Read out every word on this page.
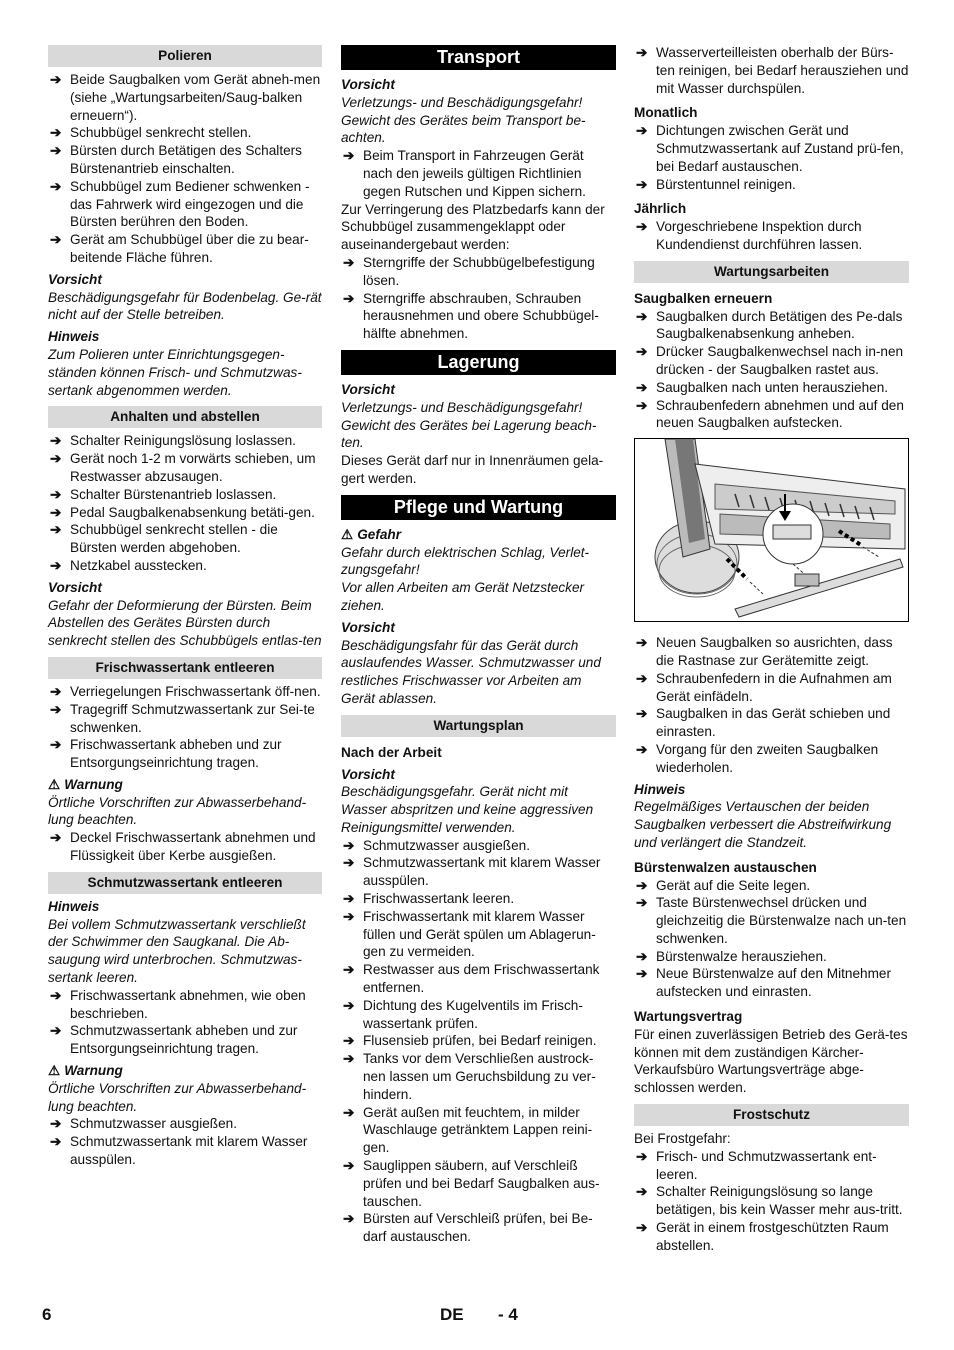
Polieren
➔ Beide Saugbalken vom Gerät abneh-men (siehe „Wartungsarbeiten/Saug-balken erneuern“).
➔ Schubbügel senkrecht stellen.
➔ Bürsten durch Betätigen des Schalters Bürstenantrieb einschalten.
➔ Schubbügel zum Bediener schwenken - das Fahrwerk wird eingezogen und die Bürsten berühren den Boden.
➔ Gerät am Schubbügel über die zu bear-beitende Fläche führen.
Vorsicht
Beschädigungsgefahr für Bodenbelag. Ge-rät nicht auf der Stelle betreiben.
Hinweis
Zum Polieren unter Einrichtungsgegen-ständen können Frisch- und Schmutzwas-sertank abgenommen werden.
Anhalten und abstellen
➔ Schalter Reinigungslösung loslassen.
➔ Gerät noch 1-2 m vorwärts schieben, um Restwasser abzusaugen.
➔ Schalter Bürstenantrieb loslassen.
➔ Pedal Saugbalkenabsenkung betäti-gen.
➔ Schubbügel senkrecht stellen - die Bürsten werden abgehoben.
➔ Netzkabel ausstecken.
Vorsicht
Gefahr der Deformierung der Bürsten. Beim Abstellen des Gerätes Bürsten durch senkrecht stellen des Schubbügels entlas-ten
Frischwassertank entleeren
➔ Verriegelungen Frischwassertank öff-nen.
➔ Tragegriff Schmutzwassertank zur Sei-te schwenken.
➔ Frischwassertank abheben und zur Entsorgungseinrichtung tragen.
⚠ Warnung
Örtliche Vorschriften zur Abwasserbehand-lung beachten.
➔ Deckel Frischwassertank abnehmen und Flüssigkeit über Kerbe ausgießen.
Schmutzwassertank entleeren
Hinweis
Bei vollem Schmutzwassertank verschließt der Schwimmer den Saugkanal. Die Ab-saugung wird unterbrochen. Schmutzwas-sertank leeren.
➔ Frischwassertank abnehmen, wie oben beschrieben.
➔ Schmutzwassertank abheben und zur Entsorgungseinrichtung tragen.
⚠ Warnung
Örtliche Vorschriften zur Abwasserbehand-lung beachten.
➔ Schmutzwasser ausgießen.
➔ Schmutzwassertank mit klarem Wasser ausspülen.
Transport
Vorsicht
Verletzungs- und Beschädigungsgefahr! Gewicht des Gerätes beim Transport be-achten.
➔ Beim Transport in Fahrzeugen Gerät nach den jeweils gültigen Richtlinien gegen Rutschen und Kippen sichern.
Zur Verringerung des Platzbedarfs kann der Schubbügel zusammengeklappt oder auseinandergebaut werden:
➔ Sterngriffe der Schubbügelbefestigung lösen.
➔ Sterngriffe abschrauben, Schrauben herausnehmen und obere Schubbügel-hälfte abnehmen.
Lagerung
Vorsicht
Verletzungs- und Beschädigungsgefahr! Gewicht des Gerätes bei Lagerung beach-ten.
Dieses Gerät darf nur in Innenräumen gela-gert werden.
Pflege und Wartung
⚠ Gefahr
Gefahr durch elektrischen Schlag, Verlet-zungsgefahr!
Vor allen Arbeiten am Gerät Netzstecker ziehen.
Vorsicht
Beschädigungsfahr für das Gerät durch auslaufendes Wasser. Schmutzwasser und restliches Frischwasser vor Arbeiten am Gerät ablassen.
Wartungsplan
Nach der Arbeit
Vorsicht
Beschädigungsgefahr. Gerät nicht mit Wasser abspritzen und keine aggressiven Reinigungsmittel verwenden.
➔ Schmutzwasser ausgießen.
➔ Schmutzwassertank mit klarem Wasser ausspülen.
➔ Frischwassertank leeren.
➔ Frischwassertank mit klarem Wasser füllen und Gerät spülen um Ablagerun-gen zu vermeiden.
➔ Restwasser aus dem Frischwassertank entfernen.
➔ Dichtung des Kugelventils im Frisch-wassertank prüfen.
➔ Flusensieb prüfen, bei Bedarf reinigen.
➔ Tanks vor dem Verschließen austrock-nen lassen um Geruchsbildung zu ver-hindern.
➔ Gerät außen mit feuchtem, in milder Waschlauge getränktem Lappen reini-gen.
➔ Sauglippen säubern, auf Verschleiß prüfen und bei Bedarf Saugbalken aus-tauschen.
➔ Bürsten auf Verschleiß prüfen, bei Be-darf austauschen.
➔ Wasserverteilleisten oberhalb der Bürs-ten reinigen, bei Bedarf herausziehen und mit Wasser durchspülen.
Monatlich
➔ Dichtungen zwischen Gerät und Schmutzwassertank auf Zustand prü-fen, bei Bedarf austauschen.
➔ Bürstentunnel reinigen.
Jährlich
➔ Vorgeschriebene Inspektion durch Kundendienst durchführen lassen.
Wartungsarbeiten
Saugbalken erneuern
➔ Saugbalken durch Betätigen des Pe-dals Saugbalkenabsenkung anheben.
➔ Drücker Saugbalkenwechsel nach in-nen drücken - der Saugbalken rastet aus.
➔ Saugbalken nach unten herausziehen.
➔ Schraubenfedern abnehmen und auf den neuen Saugbalken aufstecken.
➔ Neuen Saugbalken so ausrichten, dass die Rastnase zur Gerätemitte zeigt.
➔ Schraubenfedern in die Aufnahmen am Gerät einfädeln.
➔ Saugbalken in das Gerät schieben und einrasten.
➔ Vorgang für den zweiten Saugbalken wiederholen.
Hinweis
Regelmäßiges Vertauschen der beiden Saugbalken verbessert die Abstreifwirkung und verlängert die Standzeit.
Bürstenwalzen austauschen
➔ Gerät auf die Seite legen.
➔ Taste Bürstenwechsel drücken und gleichzeitig die Bürstenwalze nach un-ten schwenken.
➔ Bürstenwalze herausziehen.
➔ Neue Bürstenwalze auf den Mitnehmer aufstecken und einrasten.
Wartungsvertrag
Für einen zuverlässigen Betrieb des Gerä-tes können mit dem zuständigen Kärcher-Verkaufsbüro Wartungsverträge abge-schlossen werden.
Frostschutz
Bei Frostgefahr:
➔ Frisch- und Schmutzwassertank ent-leeren.
➔ Schalter Reinigungslösung so lange betätigen, bis kein Wasser mehr aus-tritt.
➔ Gerät in einem frostgeschützten Raum abstellen.
6	DE - 4
